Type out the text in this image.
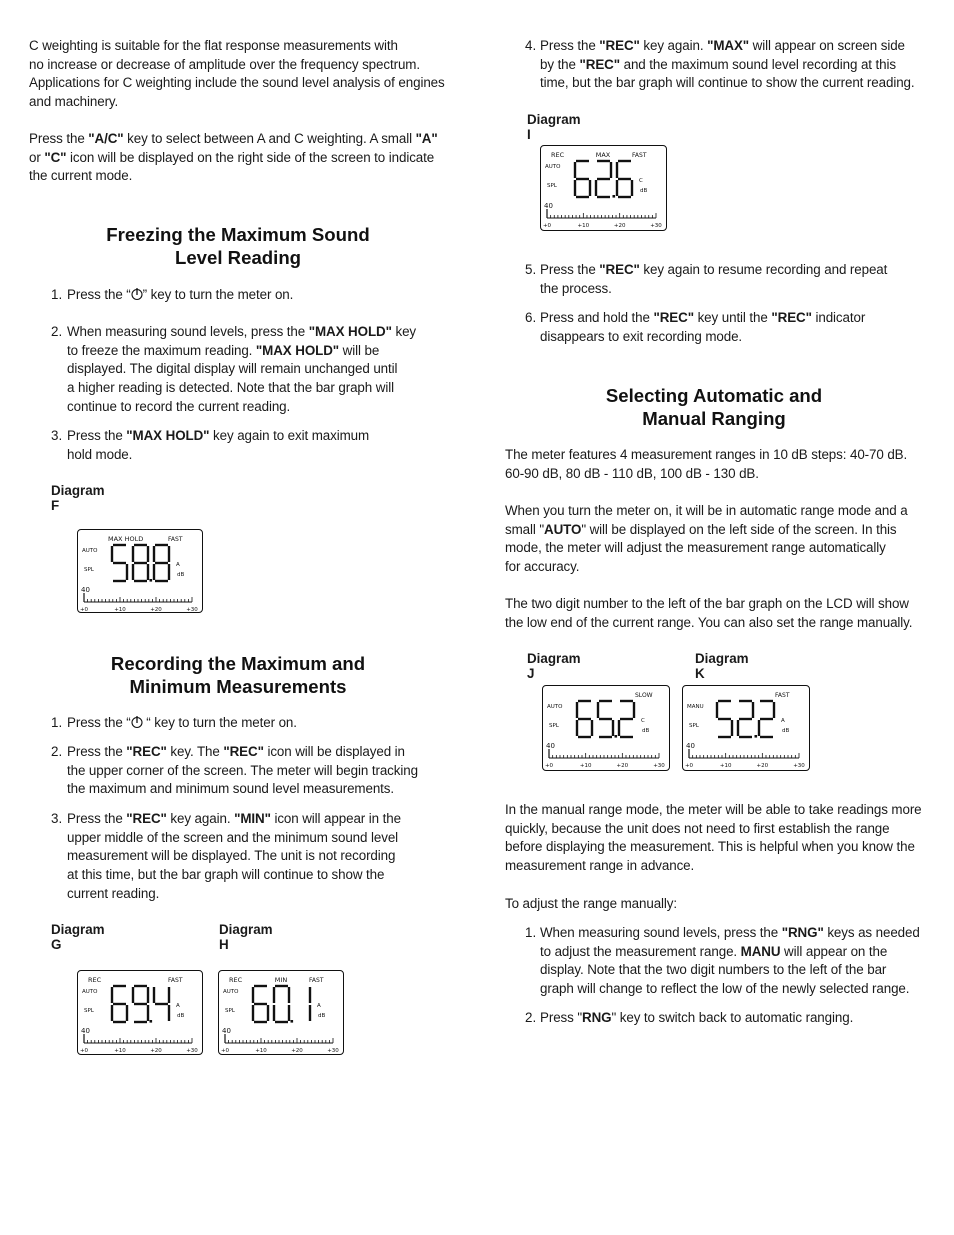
C weighting is suitable for the flat response measurements with
no increase or decrease of amplitude over the frequency spectrum.
Applications for C weighting include the sound level analysis of engines
and machinery.

Press the "A/C" key to select between A and C weighting. A small "A"
or "C" icon will be displayed on the right side of the screen to indicate
the current mode.

Freezing the Maximum Sound
Level Reading
1. Press the “ ” key to turn the meter on.

2. When measuring sound levels, press the "MAX HOLD" key
to freeze the maximum reading. "MAX HOLD" will be
displayed. The digital display will remain unchanged until
a higher reading is detected. Note that the bar graph will
continue to record the current reading.

3. Press the "MAX HOLD" key again to exit maximum
hold mode.

Diagram F
MAX HOLD	FAST
AUTO
SPL
A
dB
40
+0	+10	+20	+30
Recording the Maximum and
Minimum Measurements
1. Press the “ “ key to turn the meter on.

2. Press the "REC" key. The "REC" icon will be displayed in
the upper corner of the screen. The meter will begin tracking
the maximum and minimum sound level measurements.

3. Press the "REC" key again. "MIN" icon will appear in the
upper middle of the screen and the minimum sound level
measurement will be displayed. The unit is not recording
at this time, but the bar graph will continue to show the
current reading.

Diagram G
Diagram H
REC	FAST
AUTO
SPL
A
dB
40
+0	+10	+20	+30
REC	MIN	FAST
AUTO
SPL
A
dB
40
+0	+10	+20	+30
4. Press the "REC" key again. "MAX" will appear on screen side
by the "REC" and the maximum sound level recording at this
time, but the bar graph will continue to show the current reading.

Diagram I
REC	MAX	FAST
AUTO
SPL
C
dB
40
+0	+10	+20	+30
5. Press the "REC" key again to resume recording and repeat
the process.

6. Press and hold the "REC" key until the "REC" indicator
disappears to exit recording mode.

Selecting Automatic and
Manual Ranging

The meter features 4 measurement ranges in 10 dB steps: 40-70 dB.
60-90 dB, 80 dB - 110 dB, 100 dB - 130 dB.

When you turn the meter on, it will be in automatic range mode and a
small "AUTO" will be displayed on the left side of the screen. In this
mode, the meter will adjust the measurement range automatically
for accuracy.

The two digit number to the left of the bar graph on the LCD will show
the low end of the current range. You can also set the range manually.

Diagram J
Diagram K
SLOW
AUTO
SPL
C
dB
40
+0	+10	+20	+30
FAST
MANU
SPL
A
dB
40
+0	+10	+20	+30

In the manual range mode, the meter will be able to take readings more
quickly, because the unit does not need to first establish the range
before displaying the measurement. This is helpful when you know the
measurement range in advance.

To adjust the range manually:

1. When measuring sound levels, press the "RNG" keys as needed
to adjust the measurement range. MANU will appear on the
display. Note that the two digit numbers to the left of the bar
graph will change to reflect the low of the newly selected range.

2. Press "RNG" key to switch back to automatic ranging.
